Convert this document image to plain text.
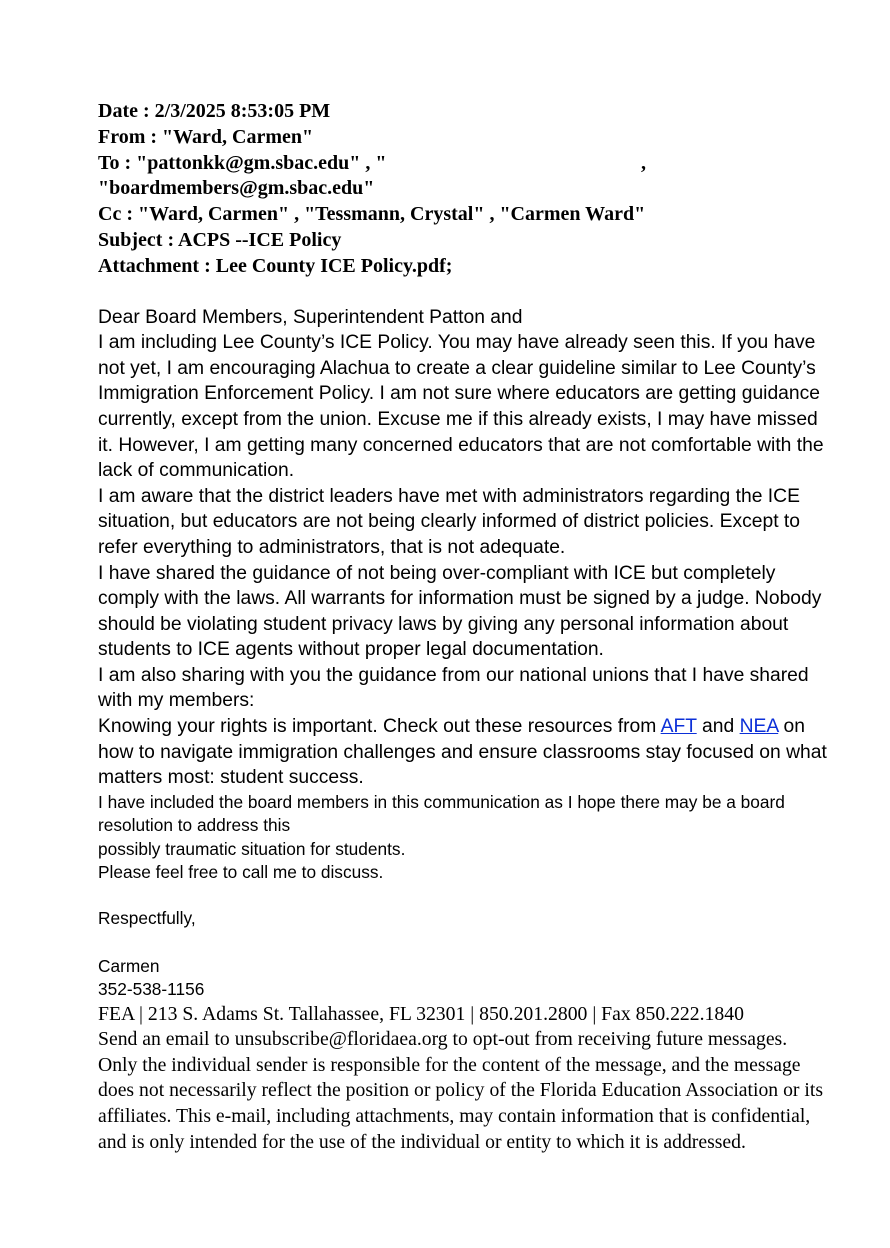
Date : 2/3/2025 8:53:05 PM

From : "Ward, Carmen"

To : "pattonkk@gm.sbac.edu" , "	,

"boardmembers@gm.sbac.edu"

Cc : "Ward, Carmen" , "Tessmann, Crystal" , "Carmen Ward"

Subject : ACPS --ICE Policy

Attachment : Lee County ICE Policy.pdf;

Dear Board Members, Superintendent Patton and

I am including Lee County’s ICE Policy. You may have already seen this. If you have not yet, I am encouraging Alachua to create a clear guideline similar to Lee County’s Immigration Enforcement Policy. I am not sure where educators are getting guidance currently, except from the union. Excuse me if this already exists, I may have missed it. However, I am getting many concerned educators that are not comfortable with the lack of communication.

I am aware that the district leaders have met with administrators regarding the ICE situation, but educators are not being clearly informed of district policies. Except to refer everything to administrators, that is not adequate.

I have shared the guidance of not being over-compliant with ICE but completely comply with the laws. All warrants for information must be signed by a judge. Nobody should be violating student privacy laws by giving any personal information about students to ICE agents without proper legal documentation.

I am also sharing with you the guidance from our national unions that I have shared with my members:

Knowing your rights is important. Check out these resources from AFT and NEA on how to navigate immigration challenges and ensure classrooms stay focused on what matters most: student success.

I have included the board members in this communication as I hope there may be a board resolution to address this

possibly traumatic situation for students.

Please feel free to call me to discuss.

Respectfully,

Carmen

352-538-1156

FEA | 213 S. Adams St. Tallahassee, FL 32301 | 850.201.2800 | Fax 850.222.1840

Send an email to unsubscribe@floridaea.org to opt-out from receiving future messages. Only the individual sender is responsible for the content of the message, and the message does not necessarily reflect the position or policy of the Florida Education Association or its affiliates. This e-mail, including attachments, may contain information that is confidential, and is only intended for the use of the individual or entity to which it is addressed.
